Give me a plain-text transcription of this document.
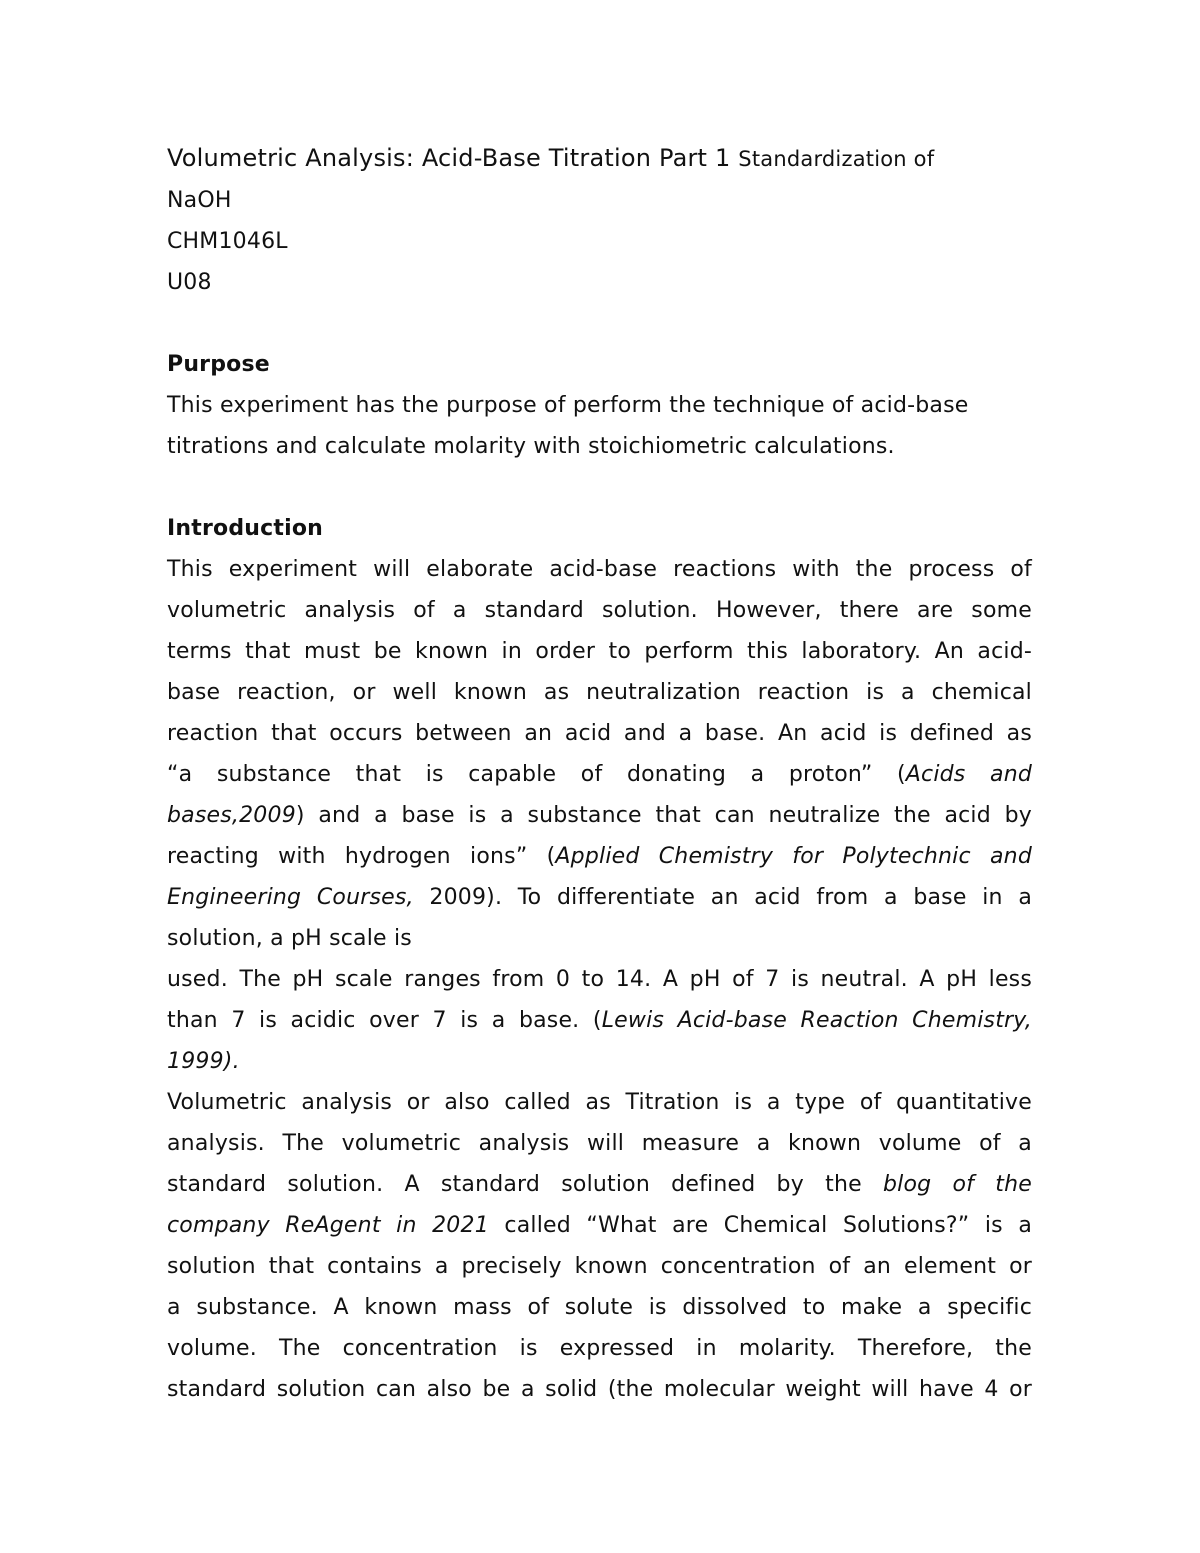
Volumetric Analysis: Acid-Base Titration Part 1 Standardization of
NaOH
CHM1046L
U08
Purpose
This experiment has the purpose of perform the technique of acid-base
titrations and calculate molarity with stoichiometric calculations.
Introduction
This experiment will elaborate acid-base reactions with the process of
volumetric analysis of a standard solution. However, there are some
terms that must be known in order to perform this laboratory. An acid-
base reaction, or well known as neutralization reaction is a chemical
reaction that occurs between an acid and a base. An acid is defined as
“a substance that is capable of donating a proton” (Acids and
bases,2009) and a base is a substance that can neutralize the acid by
reacting with hydrogen ions” (Applied Chemistry for Polytechnic and
Engineering Courses, 2009). To differentiate an acid from a base in a
solution, a pH scale is
used. The pH scale ranges from 0 to 14. A pH of 7 is neutral. A pH less
than 7 is acidic over 7 is a base. (Lewis Acid-base Reaction Chemistry,
1999).
Volumetric analysis or also called as Titration is a type of quantitative
analysis. The volumetric analysis will measure a known volume of a
standard solution. A standard solution defined by the blog of the
company ReAgent in 2021 called “What are Chemical Solutions?” is a
solution that contains a precisely known concentration of an element or
a substance. A known mass of solute is dissolved to make a specific
volume. The concentration is expressed in molarity. Therefore, the
standard solution can also be a solid (the molecular weight will have 4 or
